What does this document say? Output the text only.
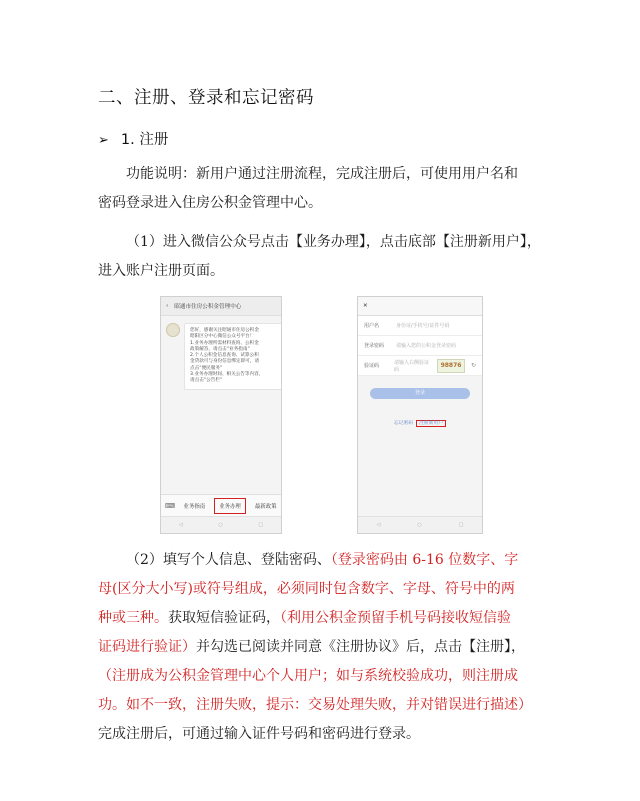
二、注册、登录和忘记密码
➢ 1. 注册
功能说明：新用户通过注册流程，完成注册后，可使用用户名和
密码登录进入住房公积金管理中心。
（1）进入微信公众号点击【业务办理】，点击底部【注册新用户】，
进入账户注册页面。
‹ 昭通市住房公积金管理中心
您好，感谢关注昭通市住房公积金
昭阳区分中心微信公众号平台！
1.业务办理所需材料查询、公积金
政策解答，请点击“业务指南”
2.个人公积金信息查询、试算公积
金贷款可与身份信息绑定即可，请
点击“便民服务”
3.业务办理时间、相关公告等内容，
请点击“公告栏”
⌨	业务指南	业务办理	最新政策
◁	○	□
✕
用户名	身份证/手机号/证件号码
登录密码	请输入您的公积金登录密码
验证码
请输入右侧验证码
98876	↻
登录
忘记密码 注册新用户
◁	○	□
（2）填写个人信息、登陆密码、（登录密码由 6-16 位数字、字
母(区分大小写)或符号组成，必须同时包含数字、字母、符号中的两
种或三种。获取短信验证码，（利用公积金预留手机号码接收短信验
证码进行验证）并勾选已阅读并同意《注册协议》后，点击【注册】，
（注册成为公积金管理中心个人用户；如与系统校验成功，则注册成
功。如不一致，注册失败，提示：交易处理失败，并对错误进行描述）
完成注册后，可通过输入证件号码和密码进行登录。
